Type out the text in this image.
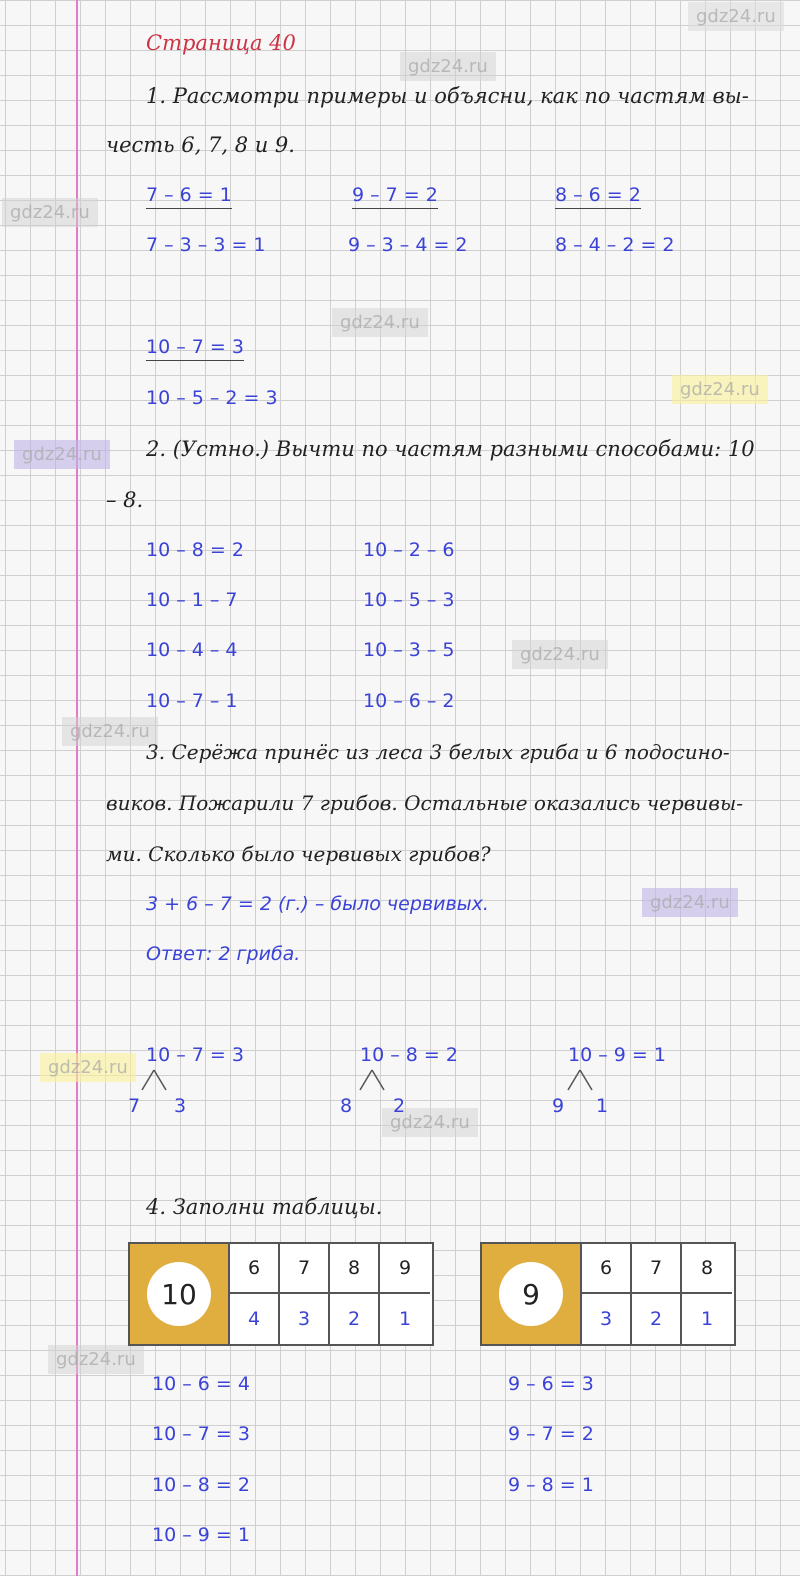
gdz24.ru
gdz24.ru
gdz24.ru
gdz24.ru
gdz24.ru
gdz24.ru
gdz24.ru
gdz24.ru
gdz24.ru
gdz24.ru
gdz24.ru
gdz24.ru
Страница 40
1. Рассмотри примеры и объясни, как по частям вы-
честь 6, 7, 8 и 9.
7 – 6 = 1
7 – 3 – 3 = 1
9 – 7 = 2
9 – 3 – 4 = 2
8 – 6 = 2
8 – 4 – 2 = 2
10 – 7 = 3
10 – 5 – 2 = 3
2. (Устно.) Вычти по частям разными способами: 10
– 8.
10 – 8 = 2
10 – 1 – 7
10 – 4 – 4
10 – 7 – 1
10 – 2 – 6
10 – 5 – 3
10 – 3 – 5
10 – 6 – 2
3. Серёжа принёс из леса 3 белых гриба и 6 подосино-
виков. Пожарили 7 грибов. Остальные оказались червивы-
ми. Сколько было червивых грибов?
3 + 6 – 7 = 2 (г.) – было червивых.
Ответ: 2 гриба.
10 – 7 = 3
7 3
10 – 8 = 2
8 2
10 – 9 = 1
9 1
4. Заполни таблицы.
10
6	7	8	9
4	3	2	1
9
6	7	8
3	2	1
10 – 6 = 4
10 – 7 = 3
10 – 8 = 2
10 – 9 = 1
9 – 6 = 3
9 – 7 = 2
9 – 8 = 1
